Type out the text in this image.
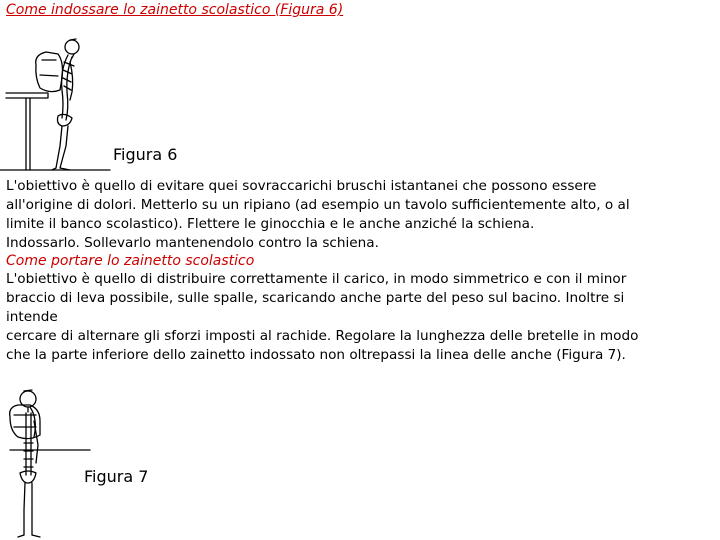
Come indossare lo zainetto scolastico (Figura 6)
Figura 6
L'obiettivo è quello di evitare quei sovraccarichi bruschi istantanei che possono essere
all'origine di dolori. Metterlo su un ripiano (ad esempio un tavolo sufficientemente alto, o al
limite il banco scolastico). Flettere le ginocchia e le anche anziché la schiena.
Indossarlo. Sollevarlo mantenendolo contro la schiena.
Come portare lo zainetto scolastico
L'obiettivo è quello di distribuire correttamente il carico, in modo simmetrico e con il minor
braccio di leva possibile, sulle spalle, scaricando anche parte del peso sul bacino. Inoltre si
intende
cercare di alternare gli sforzi imposti al rachide. Regolare la lunghezza delle bretelle in modo
che la parte inferiore dello zainetto indossato non oltrepassi la linea delle anche (Figura 7).
Figura 7
